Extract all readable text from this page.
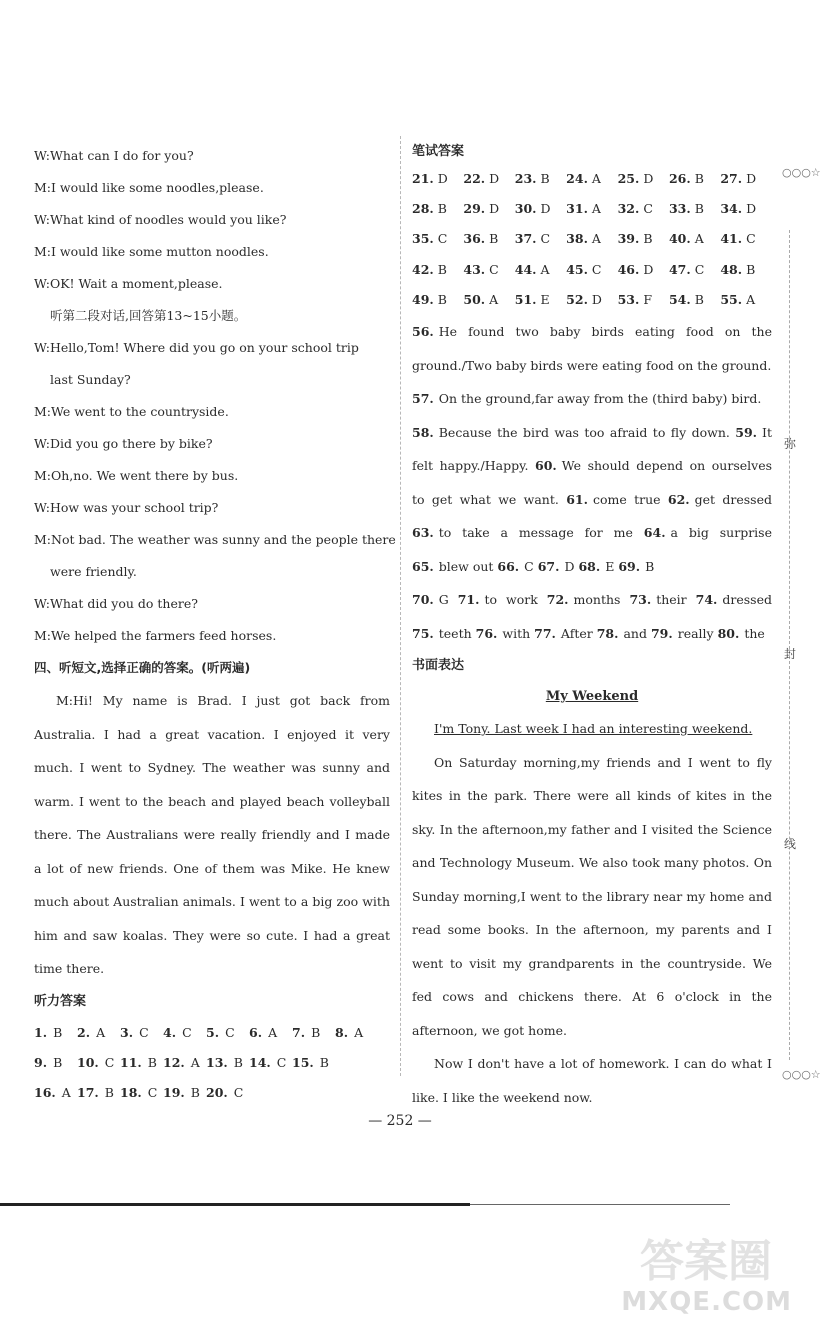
W:What can I do for you?
M:I would like some noodles,please.
W:What kind of noodles would you like?
M:I would like some mutton noodles.
W:OK! Wait a moment,please.
听第二段对话,回答第13~15小题。
W:Hello,Tom! Where did you go on your school trip
last Sunday?
M:We went to the countryside.
W:Did you go there by bike?
M:Oh,no. We went there by bus.
W:How was your school trip?
M:Not bad. The weather was sunny and the people there
were friendly.
W:What did you do there?
M:We helped the farmers feed horses.
四、听短文,选择正确的答案。(听两遍)
M:Hi! My name is Brad. I just got back from Australia. I had a great vacation. I enjoyed it very much. I went to Sydney. The weather was sunny and warm. I went to the beach and played beach volleyball there. The Australians were really friendly and I made a lot of new friends. One of them was Mike. He knew much about Australian animals. I went to a big zoo with him and saw koalas. They were so cute. I had a great time there.
听力答案
1. B	2. A	3. C	4. C	5. C	6. A	7. B	8. A
9. B	10. C 11. B 12. A 13. B 14. C 15. B
16. A 17. B 18. C 19. B 20. C
笔试答案
21. D	22. D	23. B	24. A	25. D	26. B	27. D
28. B	29. D	30. D	31. A	32. C	33. B	34. D
35. C	36. B	37. C	38. A	39. B	40. A	41. C
42. B	43. C	44. A	45. C	46. D	47. C	48. B
49. B	50. A	51. E	52. D	53. F	54. B	55. A
56. He found two baby birds eating food on the ground./Two baby birds were eating food on the ground.
57. On the ground,far away from the (third baby) bird.
58. Because the bird was too afraid to fly down. 59. It felt happy./Happy. 60. We should depend on ourselves to get what we want. 61. come true 62. get dressed 63. to take a message for me 64. a big surprise 65. blew out 66. C 67. D 68. E 69. B
70. G 71. to work 72. months 73. their 74. dressed 75. teeth 76. with 77. After 78. and 79. really 80. the
书面表达
My Weekend
I'm Tony. Last week I had an interesting weekend.
On Saturday morning,my friends and I went to fly kites in the park. There were all kinds of kites in the sky. In the afternoon,my father and I visited the Science and Technology Museum. We also took many photos. On Sunday morning,I went to the library near my home and read some books. In the afternoon, my parents and I went to visit my grandparents in the countryside. We fed cows and chickens there. At 6 o'clock in the afternoon, we got home.
Now I don't have a lot of homework. I can do what I like. I like the weekend now.
○○○☆
○○○☆
弥
封
线
— 252 —
答案圈
MXQE.COM
